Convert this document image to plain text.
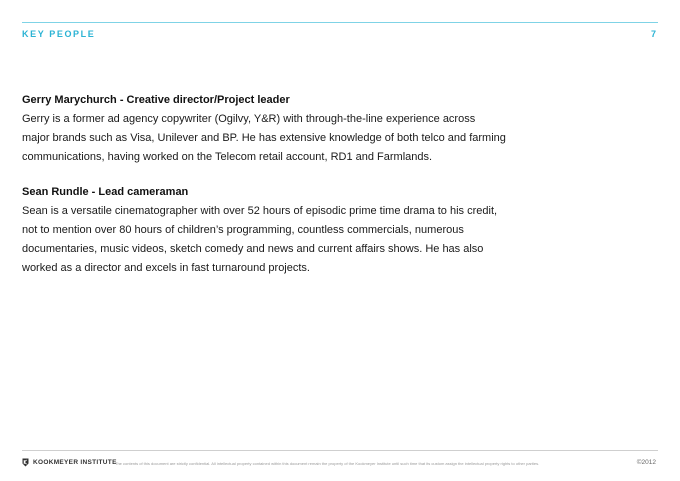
KEY PEOPLE	7
Gerry Marychurch - Creative director/Project leader

Gerry is a former ad agency copywriter (Ogilvy, Y&R) with through-the-line experience across

major brands such as Visa, Unilever and BP. He has extensive knowledge of both telco and farming

communications, having worked on the Telecom retail account, RD1 and Farmlands.

Sean Rundle - Lead cameraman

Sean is a versatile cinematographer with over 52 hours of episodic prime time drama to his credit,

not to mention over 80 hours of children’s programming, countless commercials, numerous

documentaries, music videos, sketch comedy and news and current affairs shows. He has also

worked as a director and excels in fast turnaround projects.

KOOKMEYER INSTITUTE
The contents of this document are strictly confidential. All intellectual property contained within this document remain the property of the Kookmeyer Institute until such time that its custom assign the intellectual property rights to other parties.	©2012
